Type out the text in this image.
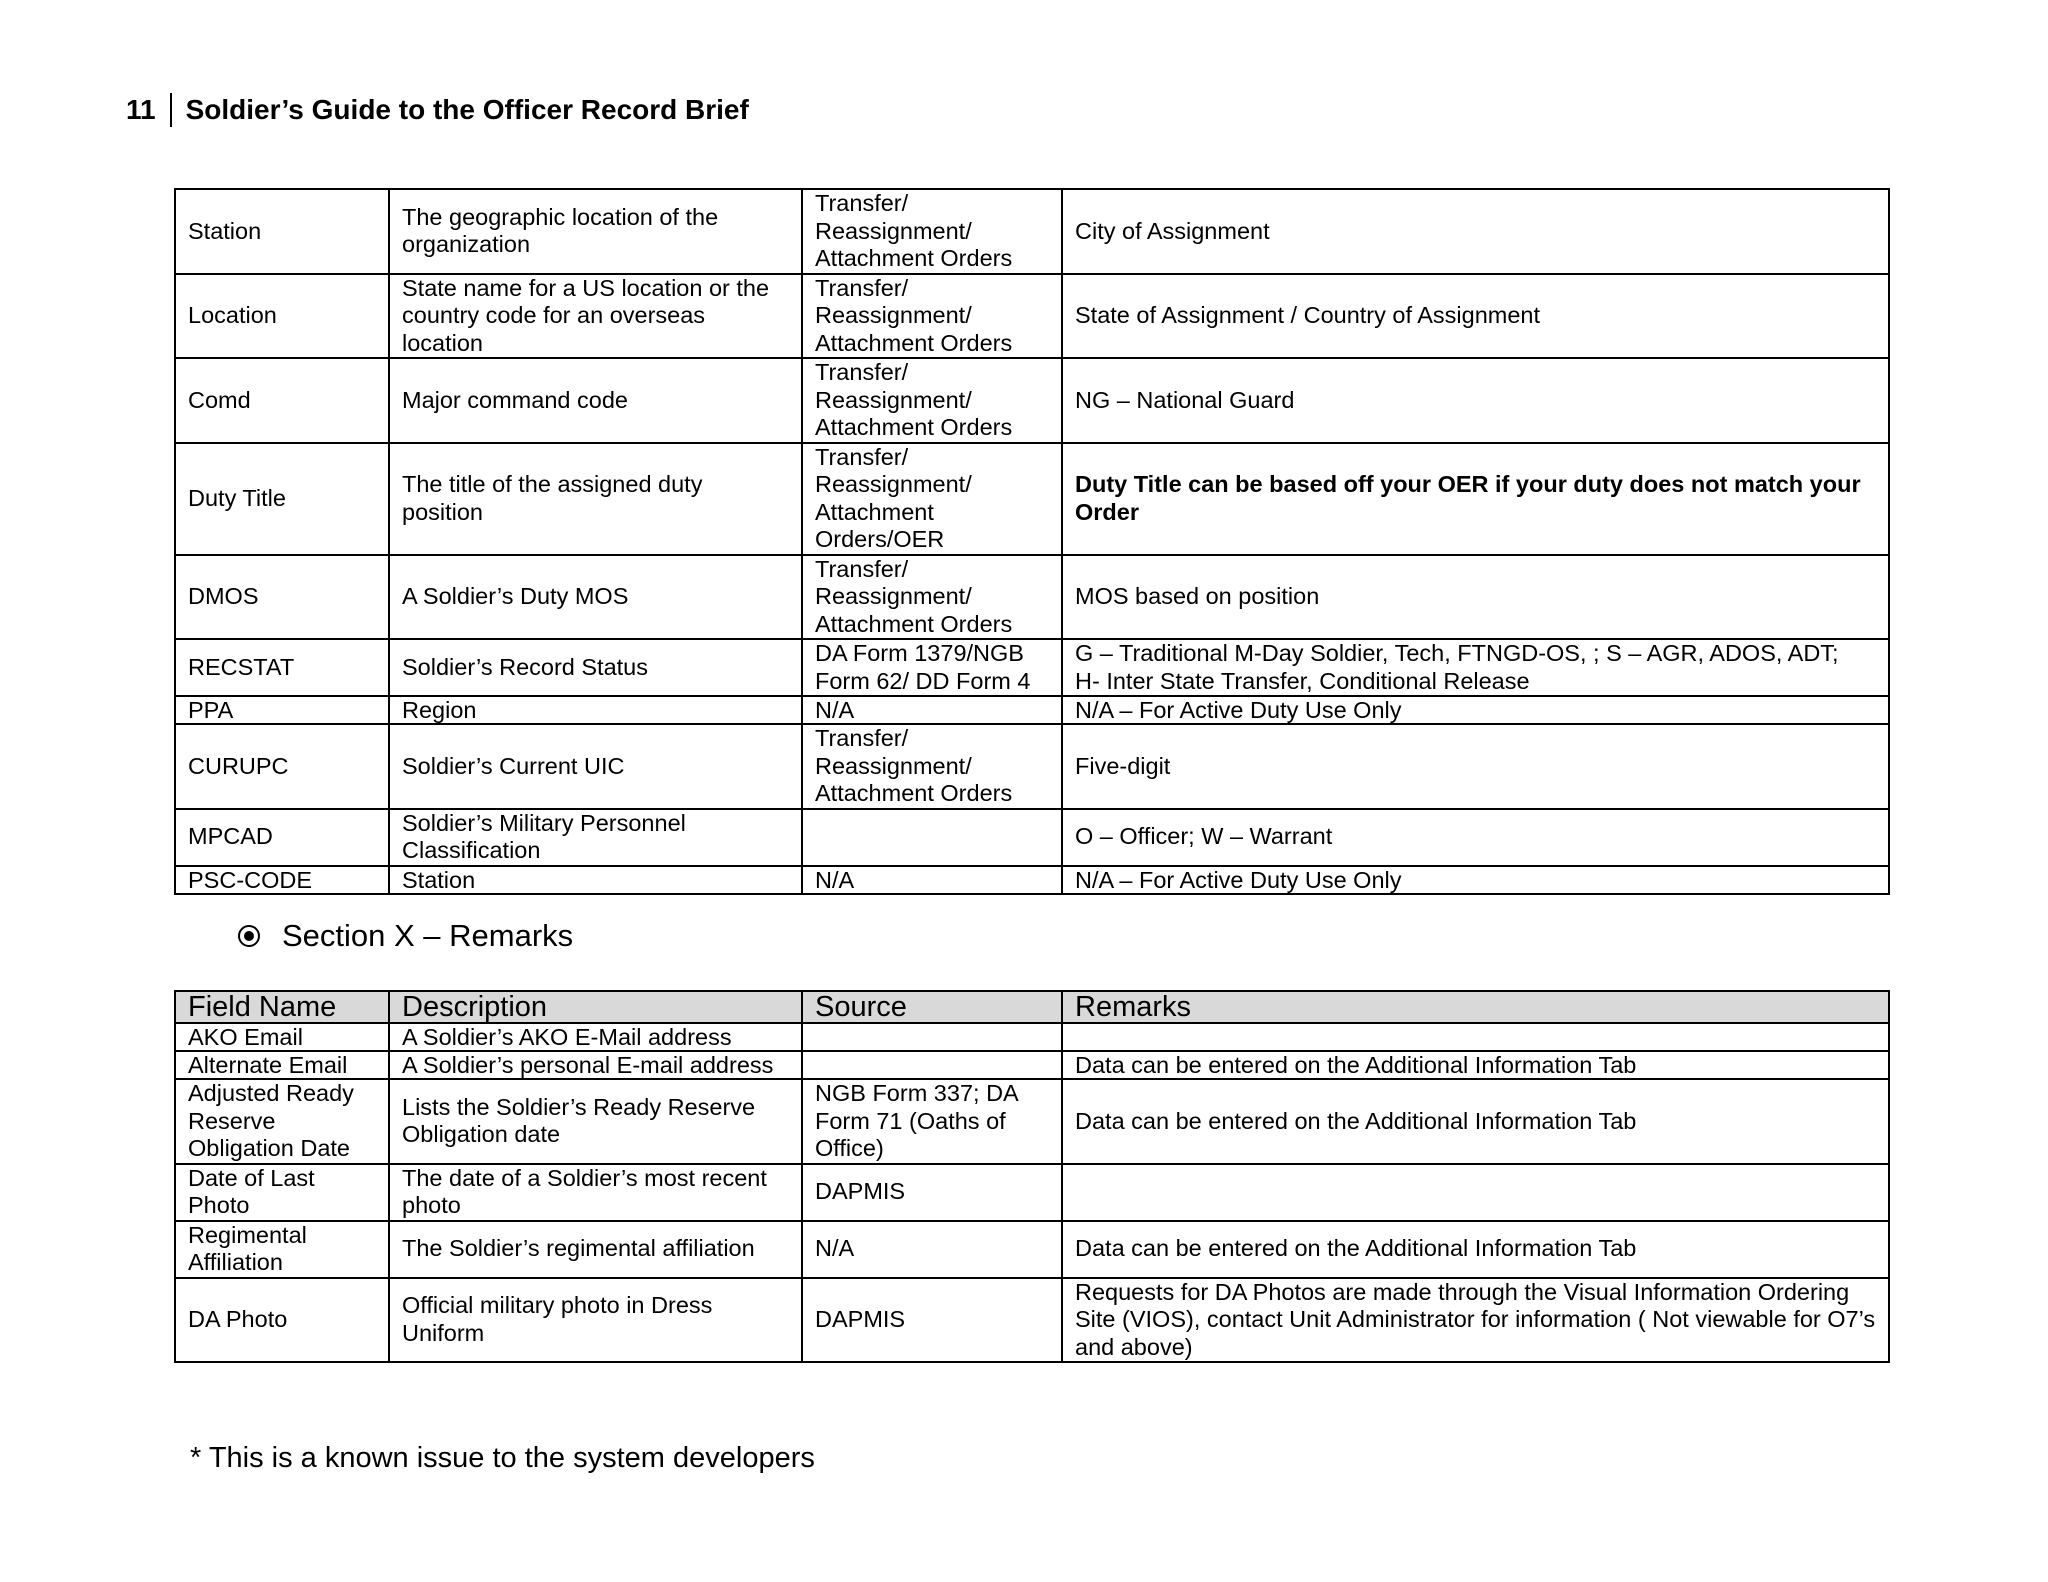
11	Soldier’s Guide to the Officer Record Brief
Station	The geographic location of the organization	Transfer/
Reassignment/
Attachment Orders	City of Assignment
Location	State name for a US location or the country code for an overseas location	Transfer/
Reassignment/
Attachment Orders	State of Assignment / Country of Assignment
Comd	Major command code	Transfer/
Reassignment/
Attachment Orders	NG – National Guard
Duty Title	The title of the assigned duty position	Transfer/
Reassignment/
Attachment
Orders/OER	Duty Title can be based off your OER if your duty does not match your Order
DMOS	A Soldier’s Duty MOS	Transfer/
Reassignment/
Attachment Orders	MOS based on position
RECSTAT	Soldier’s Record Status	DA Form 1379/NGB Form 62/ DD Form 4	G – Traditional M-Day Soldier, Tech, FTNGD-OS, ; S – AGR, ADOS, ADT;
H- Inter State Transfer, Conditional Release
PPA	Region	N/A	N/A – For Active Duty Use Only
CURUPC	Soldier’s Current UIC	Transfer/
Reassignment/
Attachment Orders	Five-digit
MPCAD	Soldier’s Military Personnel Classification		O – Officer; W – Warrant
PSC-CODE	Station	N/A	N/A – For Active Duty Use Only
Section X – Remarks
Field Name	Description	Source	Remarks
AKO Email	A Soldier’s AKO E-Mail address		
Alternate Email	A Soldier’s personal E-mail address		Data can be entered on the Additional Information Tab
Adjusted Ready Reserve Obligation Date	Lists the Soldier’s Ready Reserve Obligation date	NGB Form 337; DA Form 71 (Oaths of Office)	Data can be entered on the Additional Information Tab
Date of Last Photo	The date of a Soldier’s most recent photo	DAPMIS	
Regimental Affiliation	The Soldier’s regimental affiliation	N/A	Data can be entered on the Additional Information Tab
DA Photo	Official military photo in Dress Uniform	DAPMIS	Requests for DA Photos are made through the Visual Information Ordering Site (VIOS), contact Unit Administrator for information ( Not viewable for O7’s and above)
* This is a known issue to the system developers
